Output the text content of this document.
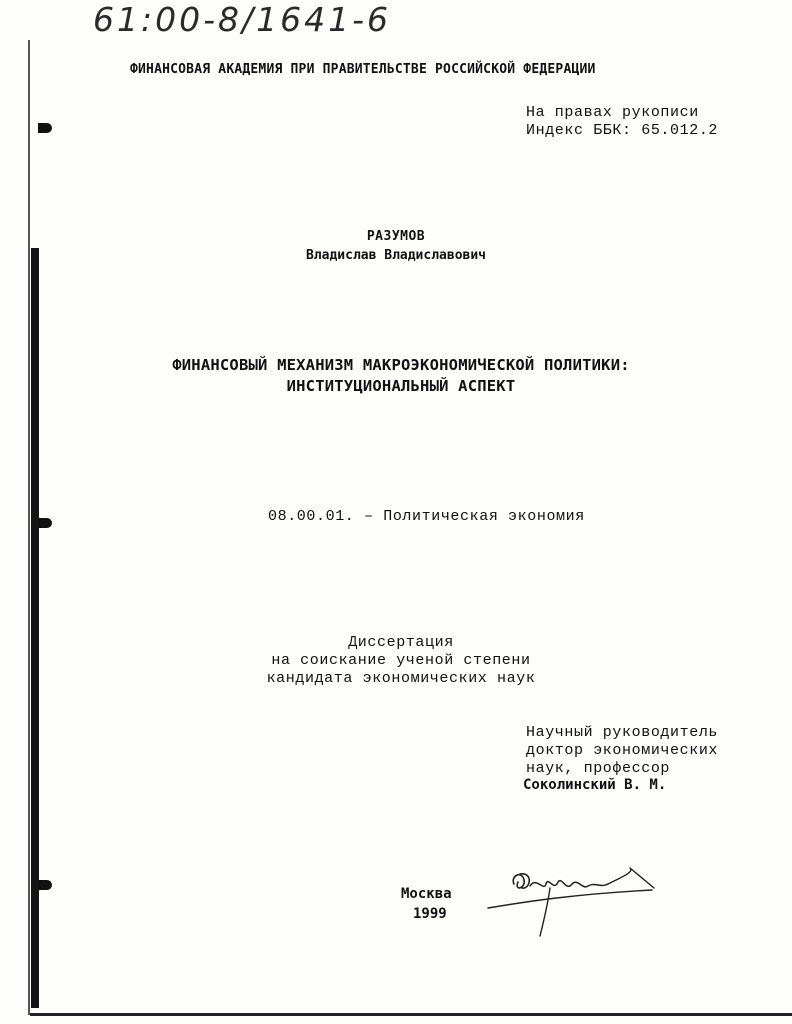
61:00-8/1641-6
ФИНАНСОВАЯ АКАДЕМИЯ ПРИ ПРАВИТЕЛЬСТВЕ РОССИЙСКОЙ ФЕДЕРАЦИИ
На правах рукописи
Индекс ББК: 65.012.2
РАЗУМОВ
Владислав Владиславович
ФИНАНСОВЫЙ МЕХАНИЗМ МАКРОЭКОНОМИЧЕСКОЙ ПОЛИТИКИ:
ИНСТИТУЦИОНАЛЬНЫЙ АСПЕКТ
08.00.01. – Политическая экономия
Диссертация
на соискание ученой степени
кандидата экономических наук
Научный руководитель
доктор экономических
наук, профессор
Соколинский В. М.
Москва
1999
